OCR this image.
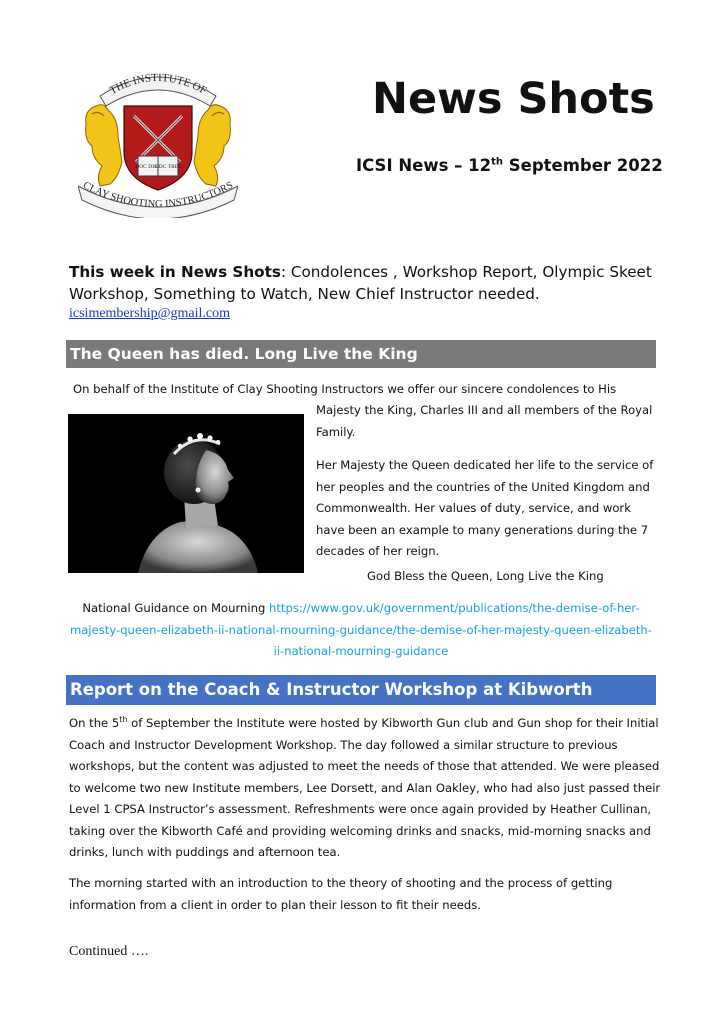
THE INSTITUTE OF
DOC DISC
DOC TRES
CLAY SHOOTING INSTRUCTORS
News Shots
ICSI News – 12th September 2022
This week in News Shots: Condolences , Workshop Report, Olympic Skeet Workshop, Something to Watch, New Chief Instructor needed.
icsimembership@gmail.com
The Queen has died. Long Live the King
On behalf of the Institute of Clay Shooting Instructors we offer our sincere condolences to His
Majesty the King, Charles III and all members of the Royal Family.
Her Majesty the Queen dedicated her life to the service of her peoples and the countries of the United Kingdom and Commonwealth. Her values of duty, service, and work have been an example to many generations during the 7 decades of her reign.
God Bless the Queen, Long Live the King
National Guidance on Mourning https://www.gov.uk/government/publications/the-demise-of-her-majesty-queen-elizabeth-ii-national-mourning-guidance/the-demise-of-her-majesty-queen-elizabeth-ii-national-mourning-guidance
Report on the Coach & Instructor Workshop at Kibworth
On the 5th of September the Institute were hosted by Kibworth Gun club and Gun shop for their Initial Coach and Instructor Development Workshop. The day followed a similar structure to previous workshops, but the content was adjusted to meet the needs of those that attended. We were pleased to welcome two new Institute members, Lee Dorsett, and Alan Oakley, who had also just passed their Level 1 CPSA Instructor’s assessment. Refreshments were once again provided by Heather Cullinan, taking over the Kibworth Café and providing welcoming drinks and snacks, mid-morning snacks and drinks, lunch with puddings and afternoon tea.
The morning started with an introduction to the theory of shooting and the process of getting information from a client in order to plan their lesson to fit their needs.
Continued ….
